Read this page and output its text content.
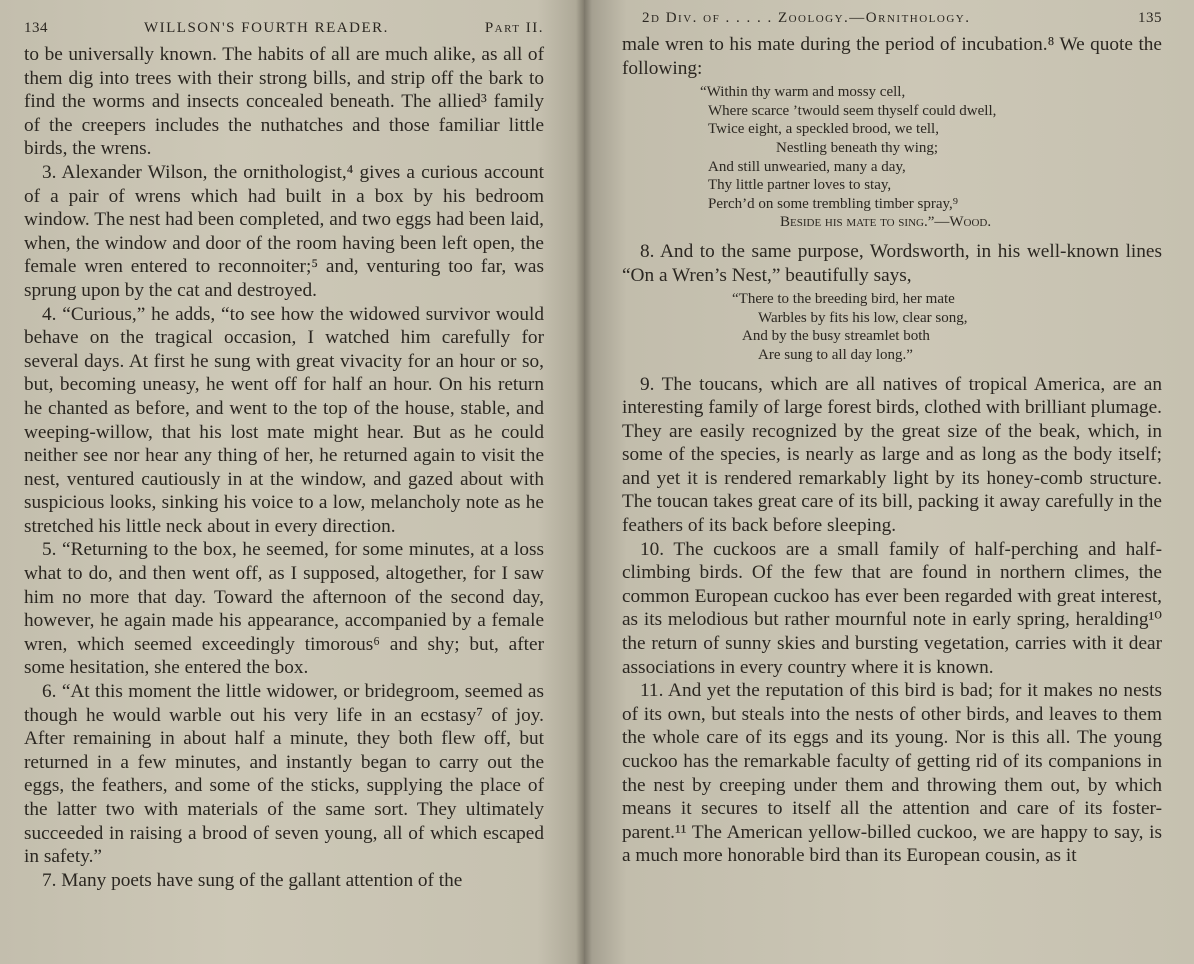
134	WILLSON'S FOURTH READER.	Part II.

to be universally known. The habits of all are much alike, as all of them dig into trees with their strong bills, and strip off the bark to find the worms and insects concealed beneath. The allied³ family of the creepers includes the nuthatches and those familiar little birds, the wrens.

3. Alexander Wilson, the ornithologist,⁴ gives a curious account of a pair of wrens which had built in a box by his bedroom window. The nest had been completed, and two eggs had been laid, when, the window and door of the room having been left open, the female wren entered to reconnoiter;⁵ and, venturing too far, was sprung upon by the cat and destroyed.

4. “Curious,” he adds, “to see how the widowed survivor would behave on the tragical occasion, I watched him carefully for several days. At first he sung with great vivacity for an hour or so, but, becoming uneasy, he went off for half an hour. On his return he chanted as before, and went to the top of the house, stable, and weeping-willow, that his lost mate might hear. But as he could neither see nor hear any thing of her, he returned again to visit the nest, ventured cautiously in at the window, and gazed about with suspicious looks, sinking his voice to a low, melancholy note as he stretched his little neck about in every direction.

5. “Returning to the box, he seemed, for some minutes, at a loss what to do, and then went off, as I supposed, altogether, for I saw him no more that day. Toward the afternoon of the second day, however, he again made his appearance, accompanied by a female wren, which seemed exceedingly timorous⁶ and shy; but, after some hesitation, she entered the box.

6. “At this moment the little widower, or bridegroom, seemed as though he would warble out his very life in an ecstasy⁷ of joy. After remaining in about half a minute, they both flew off, but returned in a few minutes, and instantly began to carry out the eggs, the feathers, and some of the sticks, supplying the place of the latter two with materials of the same sort. They ultimately succeeded in raising a brood of seven young, all of which escaped in safety.”

7. Many poets have sung of the gallant attention of the

2d Div. of . . . . . Zoology.—Ornithology.	135

male wren to his mate during the period of incubation.⁸ We quote the following:

“Within thy warm and mossy cell,
Where scarce ’twould seem thyself could dwell,
Twice eight, a speckled brood, we tell,
Nestling beneath thy wing;
And still unwearied, many a day,
Thy little partner loves to stay,
Perch’d on some trembling timber spray,⁹
Beside his mate to sing.”—Wood.

8. And to the same purpose, Wordsworth, in his well-known lines “On a Wren’s Nest,” beautifully says,

“There to the breeding bird, her mate
Warbles by fits his low, clear song,
And by the busy streamlet both
Are sung to all day long.”

9. The toucans, which are all natives of tropical America, are an interesting family of large forest birds, clothed with brilliant plumage. They are easily recognized by the great size of the beak, which, in some of the species, is nearly as large and as long as the body itself; and yet it is rendered remarkably light by its honey-comb structure. The toucan takes great care of its bill, packing it away carefully in the feathers of its back before sleeping.

10. The cuckoos are a small family of half-perching and half-climbing birds. Of the few that are found in northern climes, the common European cuckoo has ever been regarded with great interest, as its melodious but rather mournful note in early spring, heralding¹⁰ the return of sunny skies and bursting vegetation, carries with it dear associations in every country where it is known.

11. And yet the reputation of this bird is bad; for it makes no nests of its own, but steals into the nests of other birds, and leaves to them the whole care of its eggs and its young. Nor is this all. The young cuckoo has the remarkable faculty of getting rid of its companions in the nest by creeping under them and throwing them out, by which means it secures to itself all the attention and care of its foster-parent.¹¹ The American yellow-billed cuckoo, we are happy to say, is a much more honorable bird than its European cousin, as it
